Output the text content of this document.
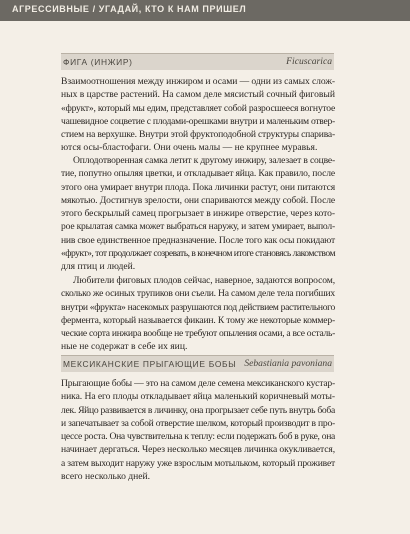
АГРЕССИВНЫЕ / УГАДАЙ, КТО К НАМ ПРИШЕЛ
ФИГА (ИНЖИР)	Ficuscarica
Взаимоотношения между инжиром и осами — одни из самых слож-
ных в царстве растений. На самом деле мясистый сочный фиговый
«фрукт», который мы едим, представляет собой разросшееся вогнутое
чашевидное соцветие с плодами-орешками внутри и маленьким отвер-
стием на верхушке. Внутри этой фруктоподобной структуры спарива-
ются осы-бластофаги. Они очень малы — не крупнее муравья.
Оплодотворенная самка летит к другому инжиру, залезает в соцве-
тие, попутно опыляя цветки, и откладывает яйца. Как правило, после
этого она умирает внутри плода. Пока личинки растут, они питаются
мякотью. Достигнув зрелости, они спариваются между собой. После
этого бескрылый самец прогрызает в инжире отверстие, через кото-
рое крылатая самка может выбраться наружу, и затем умирает, выпол-
нив свое единственное предназначение. После того как осы покидают
«фрукт», тот продолжает созревать, в конечном итоге становясь лакомством
для птиц и людей.
Любители фиговых плодов сейчас, наверное, задаются вопросом,
сколько же осиных трупиков они съели. На самом деле тела погибших
внутри «фрукта» насекомых разрушаются под действием растительного
фермента, который называется фикаин. К тому же некоторые коммер-
ческие сорта инжира вообще не требуют опыления осами, а все осталь-
ные не содержат в себе их яиц.
МЕКСИКАНСКИЕ ПРЫГАЮЩИЕ БОБЫ Sebastiania pavoniana
Прыгающие бобы — это на самом деле семена мексиканского кустар-
ника. На его плоды откладывает яйца маленький коричневый моты-
лек. Яйцо развивается в личинку, она прогрызает себе путь внутрь боба
и запечатывает за собой отверстие шелком, который производит в про-
цессе роста. Она чувствительна к теплу: если подержать боб в руке, она
начинает дергаться. Через несколько месяцев личинка окукливается,
а затем выходит наружу уже взрослым мотыльком, который проживет
всего несколько дней.
